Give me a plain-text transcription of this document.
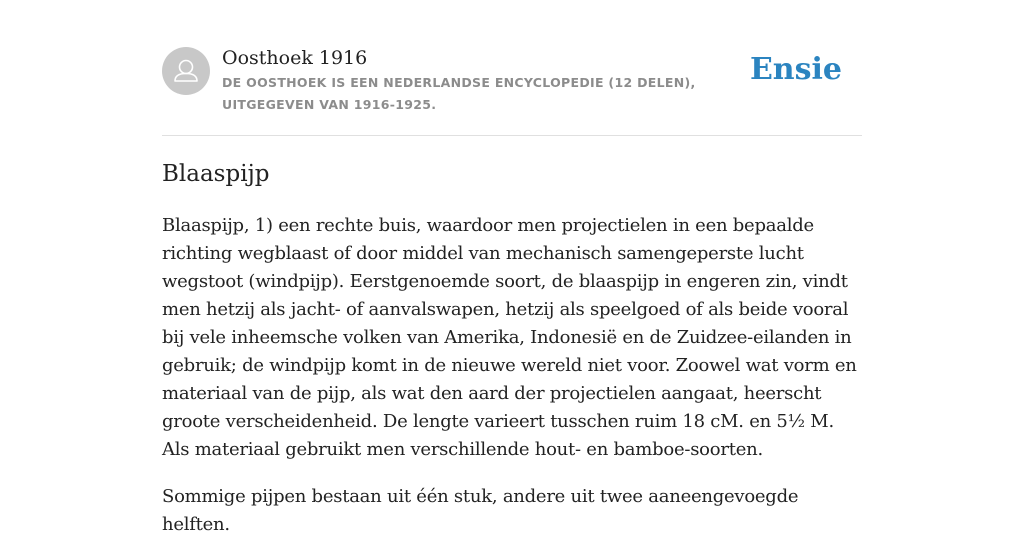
Oosthoek 1916

DE OOSTHOEK IS EEN NEDERLANDSE ENCYCLOPEDIE (12 DELEN), UITGEGEVEN VAN 1916-1925.

Ensie
Blaaspijp

Blaaspijp, 1) een rechte buis, waardoor men projectielen in een bepaalde richting wegblaast of door middel van mechanisch samengeperste lucht wegstoot (windpijp). Eerstgenoemde soort, de blaaspijp in engeren zin, vindt men hetzij als jacht- of aanvalswapen, hetzij als speelgoed of als beide vooral bij vele inheemsche volken van Amerika, Indonesië en de Zuidzee-eilanden in gebruik; de windpijp komt in de nieuwe wereld niet voor. Zoowel wat vorm en materiaal van de pijp, als wat den aard der projectielen aangaat, heerscht groote verscheidenheid. De lengte varieert tusschen ruim 18 cM. en 5½ M. Als materiaal gebruikt men verschillende hout- en bamboe-soorten.

Sommige pijpen bestaan uit één stuk, andere uit twee aaneengevoegde helften.
